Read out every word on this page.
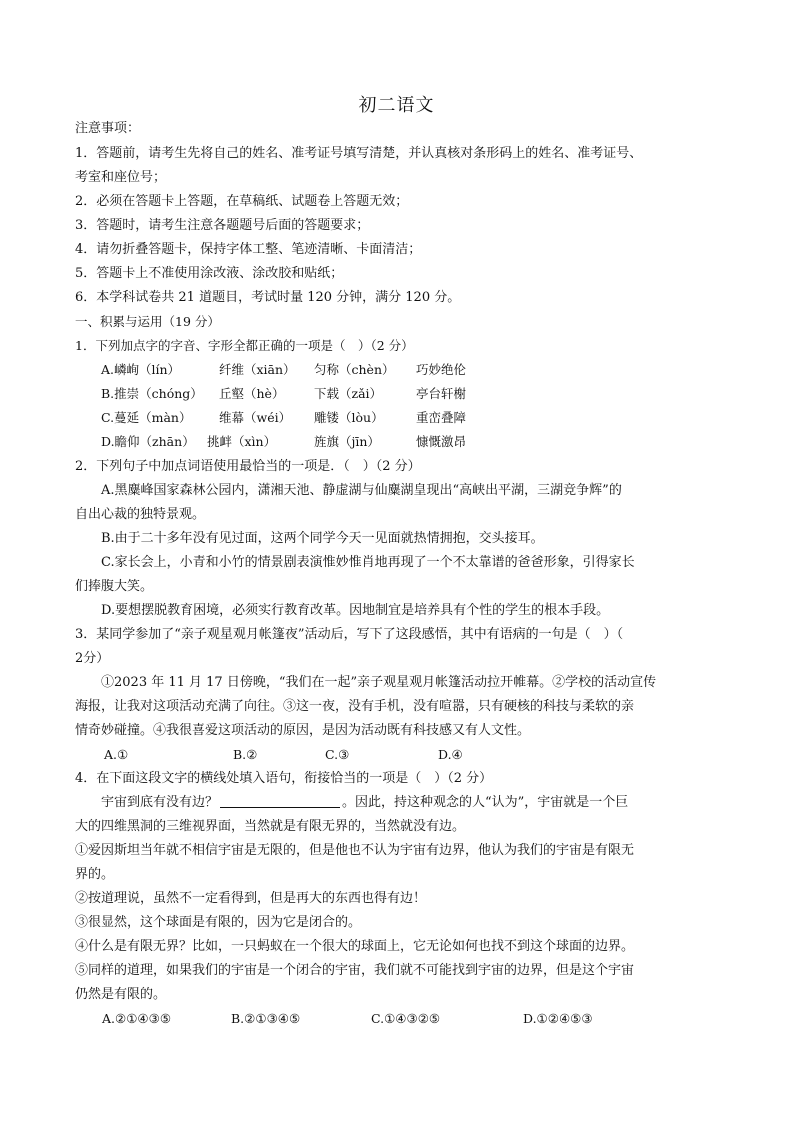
初二语文
注意事项：
1．答题前，请考生先将自己的姓名、准考证号填写清楚，并认真核对条形码上的姓名、准考证号、
考室和座位号；
2．必须在答题卡上答题，在草稿纸、试题卷上答题无效；
3．答题时，请考生注意各题题号后面的答题要求；
4．请勿折叠答题卡，保持字体工整、笔迹清晰、卡面清洁；
5．答题卡上不准使用涂改液、涂改胶和贴纸；
6．本学科试卷共 21 道题目，考试时量 120 分钟，满分 120 分。
一、积累与运用（19 分）
1．下列加点字的字音、字形全都正确的一项是（　）（2 分）
A.嶙峋（lín）	纤维（xiān） 匀称（chèn） 巧妙绝伦
B.推崇（chóng） 丘壑（hè） 下载（zǎi）	亭台轩榭
C.蔓延（màn） 维幕（wéi） 雕镂（lòu）	重峦叠障
D.瞻仰（zhān） 挑衅（xìn）	旌旗（jīn）	慷慨激昂
2．下列句子中加点词语使用最恰当的一项是．（　）（2 分）
A.黑麋峰国家森林公园内，潇湘天池、静虚湖与仙麋湖皇现出“高峡出平湖，三湖竞争辉”的
自出心裁的独特景观。
B.由于二十多年没有见过面，这两个同学今天一见面就热情拥抱，交头接耳。
C.家长会上，小青和小竹的情景剧表演惟妙惟肖地再现了一个不太靠谱的爸爸形象，引得家长
们捧腹大笑。
D.要想摆脱教育困境，必须实行教育改革。因地制宜是培养具有个性的学生的根本手段。
3．某同学参加了“亲子观星观月帐篷夜”活动后，写下了这段感悟，其中有语病的一句是（　）（
2分）
①2023 年 11 月 17 日傍晚，“我们在一起”亲子观星观月帐篷活动拉开帷幕。②学校的活动宣传
海报，让我对这项活动充满了向往。③这一夜，没有手机，没有喧嚣，只有硬核的科技与柔软的亲
情奇妙碰撞。④我很喜爱这项活动的原因，是因为活动既有科技感又有人文性。
A.①	B.②	C.③	D.④
4．在下面这段文字的横线处填入语句，衔接恰当的一项是（　）（2 分）
宇宙到底有没有边？	。因此，持这种观念的人“认为”，宇宙就是一个巨
大的四维黑洞的三维视界面，当然就是有限无界的，当然就没有边。
①爱因斯坦当年就不相信宇宙是无限的，但是他也不认为宇宙有边界，他认为我们的宇宙是有限无
界的。
②按道理说，虽然不一定看得到，但是再大的东西也得有边！
③很显然，这个球面是有限的，因为它是闭合的。
④什么是有限无界？比如，一只蚂蚁在一个很大的球面上，它无论如何也找不到这个球面的边界。
⑤同样的道理，如果我们的宇宙是一个闭合的宇宙，我们就不可能找到宇宙的边界，但是这个宇宙
仍然是有限的。
A.②①④③⑤	B.②①③④⑤	C.①④③②⑤	D.①②④⑤③
